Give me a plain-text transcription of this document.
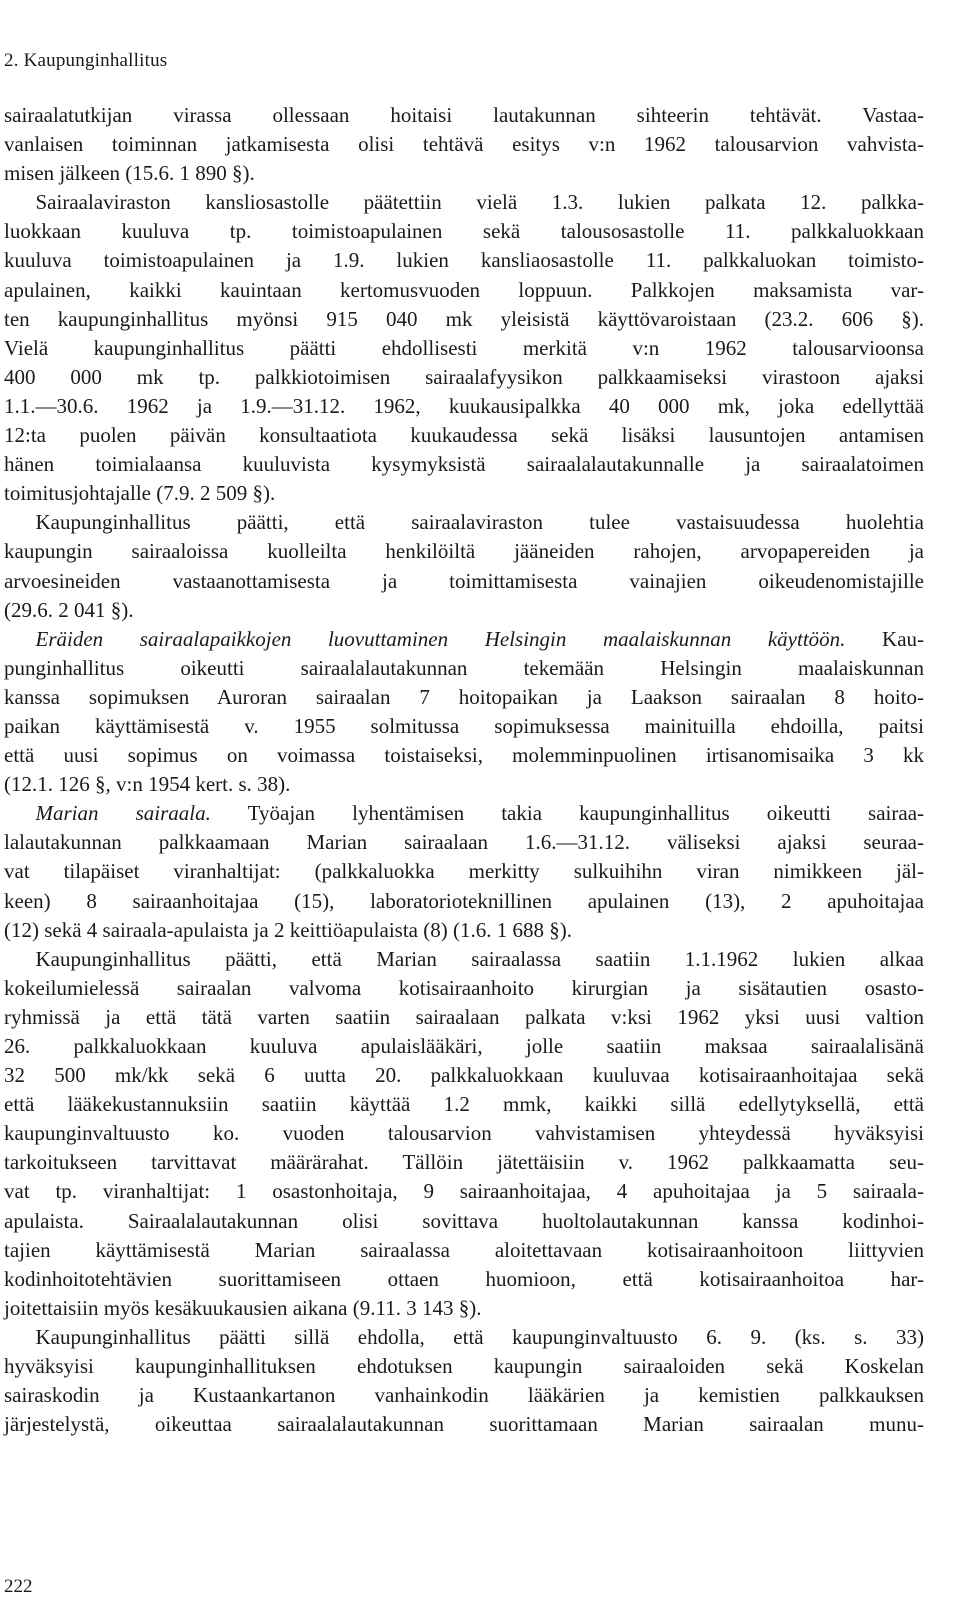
2. Kaupunginhallitus
sairaalatutkijan virassa ollessaan hoitaisi lautakunnan sihteerin tehtävät. Vastaa-
vanlaisen toiminnan jatkamisesta olisi tehtävä esitys v:n 1962 talousarvion vahvista-
misen jälkeen (15.6. 1 890 §).
  Sairaalaviraston kansliosastolle päätettiin vielä 1.3. lukien palkata 12. palkka-
luokkaan kuuluva tp. toimistoapulainen sekä talousosastolle 11. palkkaluokkaan
kuuluva toimistoapulainen ja 1.9. lukien kansliaosastolle 11. palkkaluokan toimisto-
apulainen, kaikki kauintaan kertomusvuoden loppuun. Palkkojen maksamista var-
ten kaupunginhallitus myönsi 915 040 mk yleisistä käyttövaroistaan (23.2. 606 §).
Vielä kaupunginhallitus päätti ehdollisesti merkitä v:n 1962 talousarvioonsa
400 000 mk tp. palkkiotoimisen sairaalafyysikon palkkaamiseksi virastoon ajaksi
1.1.—30.6. 1962 ja 1.9.—31.12. 1962, kuukausipalkka 40 000 mk, joka edellyttää
12:ta puolen päivän konsultaatiota kuukaudessa sekä lisäksi lausuntojen antamisen
hänen toimialaansa kuuluvista kysymyksistä sairaalalautakunnalle ja sairaalatoimen
toimitusjohtajalle (7.9. 2 509 §).
  Kaupunginhallitus päätti, että sairaalaviraston tulee vastaisuudessa huolehtia
kaupungin sairaaloissa kuolleilta henkilöiltä jääneiden rahojen, arvopapereiden ja
arvoesineiden vastaanottamisesta ja toimittamisesta vainajien oikeudenomistajille
(29.6. 2 041 §).
  Eräiden sairaalapaikkojen luovuttaminen Helsingin maalaiskunnan käyttöön. Kau-
punginhallitus oikeutti sairaalalautakunnan tekemään Helsingin maalaiskunnan
kanssa sopimuksen Auroran sairaalan 7 hoitopaikan ja Laakson sairaalan 8 hoito-
paikan käyttämisestä v. 1955 solmitussa sopimuksessa mainituilla ehdoilla, paitsi
että uusi sopimus on voimassa toistaiseksi, molemminpuolinen irtisanomisaika 3 kk
(12.1. 126 §, v:n 1954 kert. s. 38).
  Marian sairaala. Työajan lyhentämisen takia kaupunginhallitus oikeutti sairaa-
lalautakunnan palkkaamaan Marian sairaalaan 1.6.—31.12. väliseksi ajaksi seuraa-
vat tilapäiset viranhaltijat: (palkkaluokka merkitty sulkuihihn viran nimikkeen jäl-
keen) 8 sairaanhoitajaa (15), laboratorioteknillinen apulainen (13), 2 apuhoitajaa
(12) sekä 4 sairaala-apulaista ja 2 keittiöapulaista (8) (1.6. 1 688 §).
  Kaupunginhallitus päätti, että Marian sairaalassa saatiin 1.1.1962 lukien alkaa
kokeilumielessä sairaalan valvoma kotisairaanhoito kirurgian ja sisätautien osasto-
ryhmissä ja että tätä varten saatiin sairaalaan palkata v:ksi 1962 yksi uusi valtion
26. palkkaluokkaan kuuluva apulaislääkäri, jolle saatiin maksaa sairaalalisänä
32 500 mk/kk sekä 6 uutta 20. palkkaluokkaan kuuluvaa kotisairaanhoitajaa sekä
että lääkekustannuksiin saatiin käyttää 1.2 mmk, kaikki sillä edellytyksellä, että
kaupunginvaltuusto ko. vuoden talousarvion vahvistamisen yhteydessä hyväksyisi
tarkoitukseen tarvittavat määrärahat. Tällöin jätettäisiin v. 1962 palkkaamatta seu-
vat tp. viranhaltijat: 1 osastonhoitaja, 9 sairaanhoitajaa, 4 apuhoitajaa ja 5 sairaala-
apulaista. Sairaalalautakunnan olisi sovittava huoltolautakunnan kanssa kodinhoi-
tajien käyttämisestä Marian sairaalassa aloitettavaan kotisairaanhoitoon liittyvien
kodinhoitotehtävien suorittamiseen ottaen huomioon, että kotisairaanhoitoa har-
joitettaisiin myös kesäkuukausien aikana (9.11. 3 143 §).
  Kaupunginhallitus päätti sillä ehdolla, että kaupunginvaltuusto 6. 9. (ks. s. 33)
hyväksyisi kaupunginhallituksen ehdotuksen kaupungin sairaaloiden sekä Koskelan
sairaskodin ja Kustaankartanon vanhainkodin lääkärien ja kemistien palkkauksen
järjestelystä, oikeuttaa sairaalalautakunnan suorittamaan Marian sairaalan munu-
222
